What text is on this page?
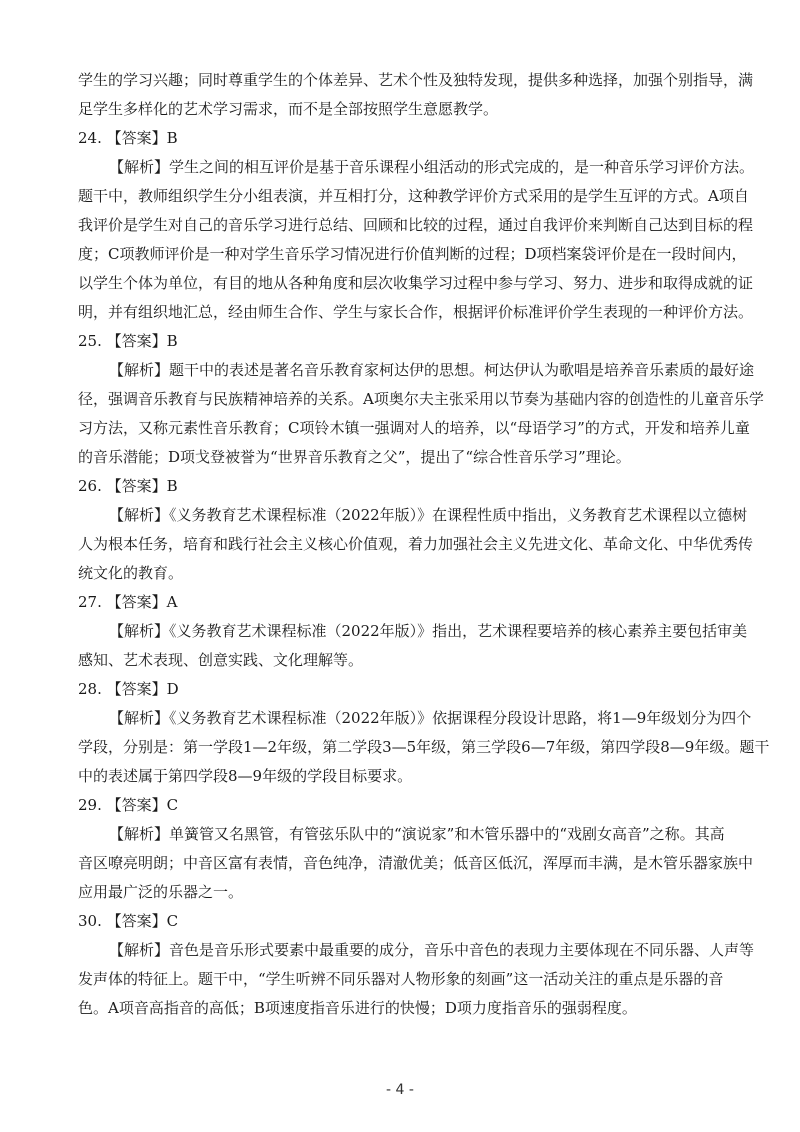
学生的学习兴趣；同时尊重学生的个体差异、艺术个性及独特发现，提供多种选择，加强个别指导，满
足学生多样化的艺术学习需求，而不是全部按照学生意愿教学。
24. 【答案】B
【解析】学生之间的相互评价是基于音乐课程小组活动的形式完成的，是一种音乐学习评价方法。
题干中，教师组织学生分小组表演，并互相打分，这种教学评价方式采用的是学生互评的方式。A项自
我评价是学生对自己的音乐学习进行总结、回顾和比较的过程，通过自我评价来判断自己达到目标的程
度；C项教师评价是一种对学生音乐学习情况进行价值判断的过程；D项档案袋评价是在一段时间内，
以学生个体为单位，有目的地从各种角度和层次收集学习过程中参与学习、努力、进步和取得成就的证
明，并有组织地汇总，经由师生合作、学生与家长合作，根据评价标准评价学生表现的一种评价方法。
25. 【答案】B
【解析】题干中的表述是著名音乐教育家柯达伊的思想。柯达伊认为歌唱是培养音乐素质的最好途
径，强调音乐教育与民族精神培养的关系。A项奥尔夫主张采用以节奏为基础内容的创造性的儿童音乐学
习方法，又称元素性音乐教育；C项铃木镇一强调对人的培养，以“母语学习”的方式，开发和培养儿童
的音乐潜能；D项戈登被誉为“世界音乐教育之父”，提出了“综合性音乐学习”理论。
26. 【答案】B
【解析】《义务教育艺术课程标准（2022年版）》在课程性质中指出，义务教育艺术课程以立德树
人为根本任务，培育和践行社会主义核心价值观，着力加强社会主义先进文化、革命文化、中华优秀传
统文化的教育。
27. 【答案】A
【解析】《义务教育艺术课程标准（2022年版）》指出，艺术课程要培养的核心素养主要包括审美
感知、艺术表现、创意实践、文化理解等。
28. 【答案】D
【解析】《义务教育艺术课程标准（2022年版）》依据课程分段设计思路，将1—9年级划分为四个
学段，分别是：第一学段1—2年级，第二学段3—5年级，第三学段6—7年级，第四学段8—9年级。题干
中的表述属于第四学段8—9年级的学段目标要求。
29. 【答案】C
【解析】单簧管又名黑管，有管弦乐队中的“演说家”和木管乐器中的“戏剧女高音”之称。其高
音区嘹亮明朗；中音区富有表情，音色纯净，清澈优美；低音区低沉，浑厚而丰满，是木管乐器家族中
应用最广泛的乐器之一。
30. 【答案】C
【解析】音色是音乐形式要素中最重要的成分，音乐中音色的表现力主要体现在不同乐器、人声等
发声体的特征上。题干中，“学生听辨不同乐器对人物形象的刻画”这一活动关注的重点是乐器的音
色。A项音高指音的高低；B项速度指音乐进行的快慢；D项力度指音乐的强弱程度。
- 4 -
